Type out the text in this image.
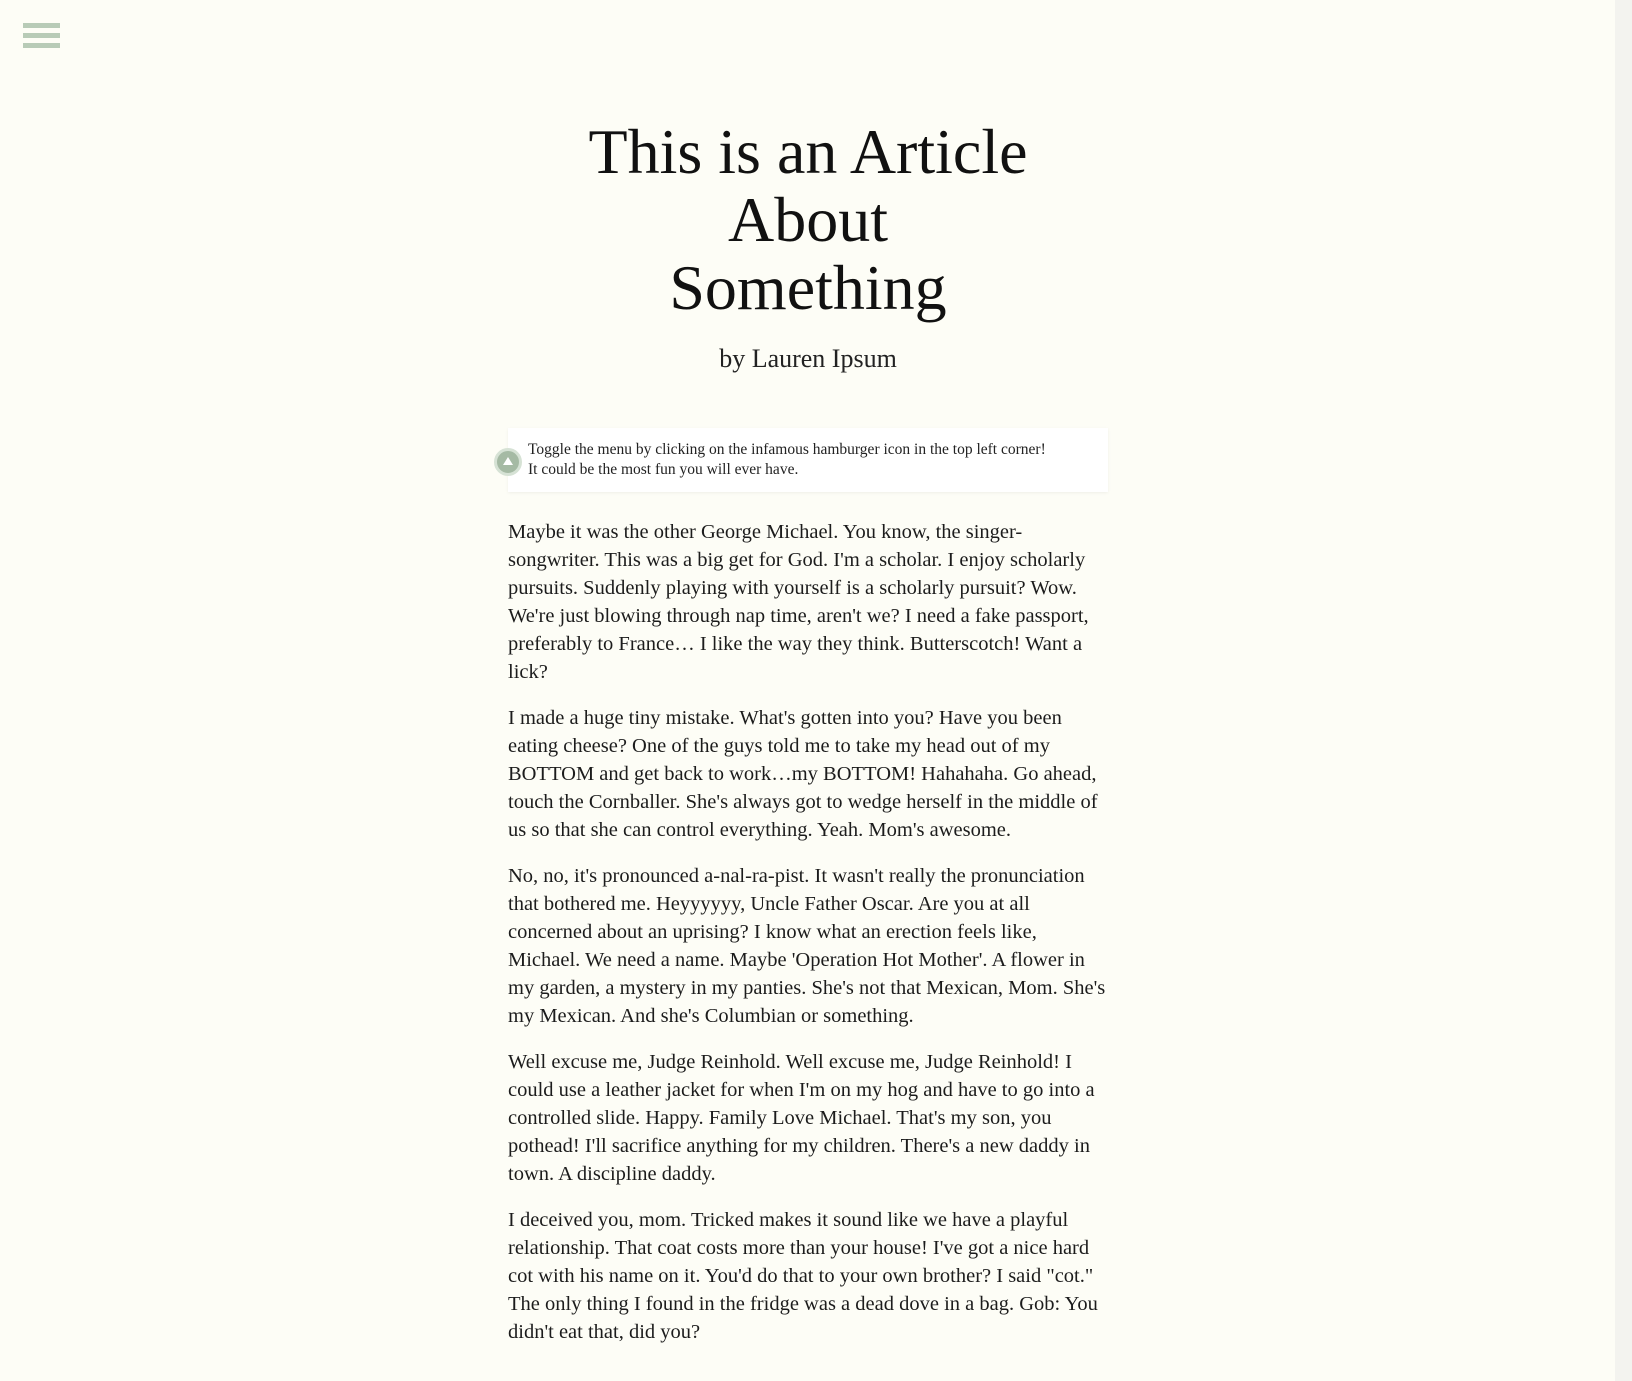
This is an Article About
Something
by Lauren Ipsum
Toggle the menu by clicking on the infamous hamburger icon in the top left corner!
It could be the most fun you will ever have.

Maybe it was the other George Michael. You know, the singer-songwriter. This was a big get for God. I'm a scholar. I enjoy scholarly pursuits. Suddenly playing with yourself is a scholarly pursuit? Wow. We're just blowing through nap time, aren't we? I need a fake passport, preferably to France… I like the way they think. Butterscotch! Want a lick?

I made a huge tiny mistake. What's gotten into you? Have you been eating cheese? One of the guys told me to take my head out of my BOTTOM and get back to work…my BOTTOM! Hahahaha. Go ahead, touch the Cornballer. She's always got to wedge herself in the middle of us so that she can control everything. Yeah. Mom's awesome.

No, no, it's pronounced a-nal-ra-pist. It wasn't really the pronunciation that bothered me. Heyyyyyy, Uncle Father Oscar. Are you at all concerned about an uprising? I know what an erection feels like, Michael. We need a name. Maybe 'Operation Hot Mother'. A flower in my garden, a mystery in my panties. She's not that Mexican, Mom. She's my Mexican. And she's Columbian or something.

Well excuse me, Judge Reinhold. Well excuse me, Judge Reinhold! I could use a leather jacket for when I'm on my hog and have to go into a controlled slide. Happy. Family Love Michael. That's my son, you pothead! I'll sacrifice anything for my children. There's a new daddy in town. A discipline daddy.

I deceived you, mom. Tricked makes it sound like we have a playful relationship. That coat costs more than your house! I've got a nice hard cot with his name on it. You'd do that to your own brother? I said "cot." The only thing I found in the fridge was a dead dove in a bag. Gob: You didn't eat that, did you?
